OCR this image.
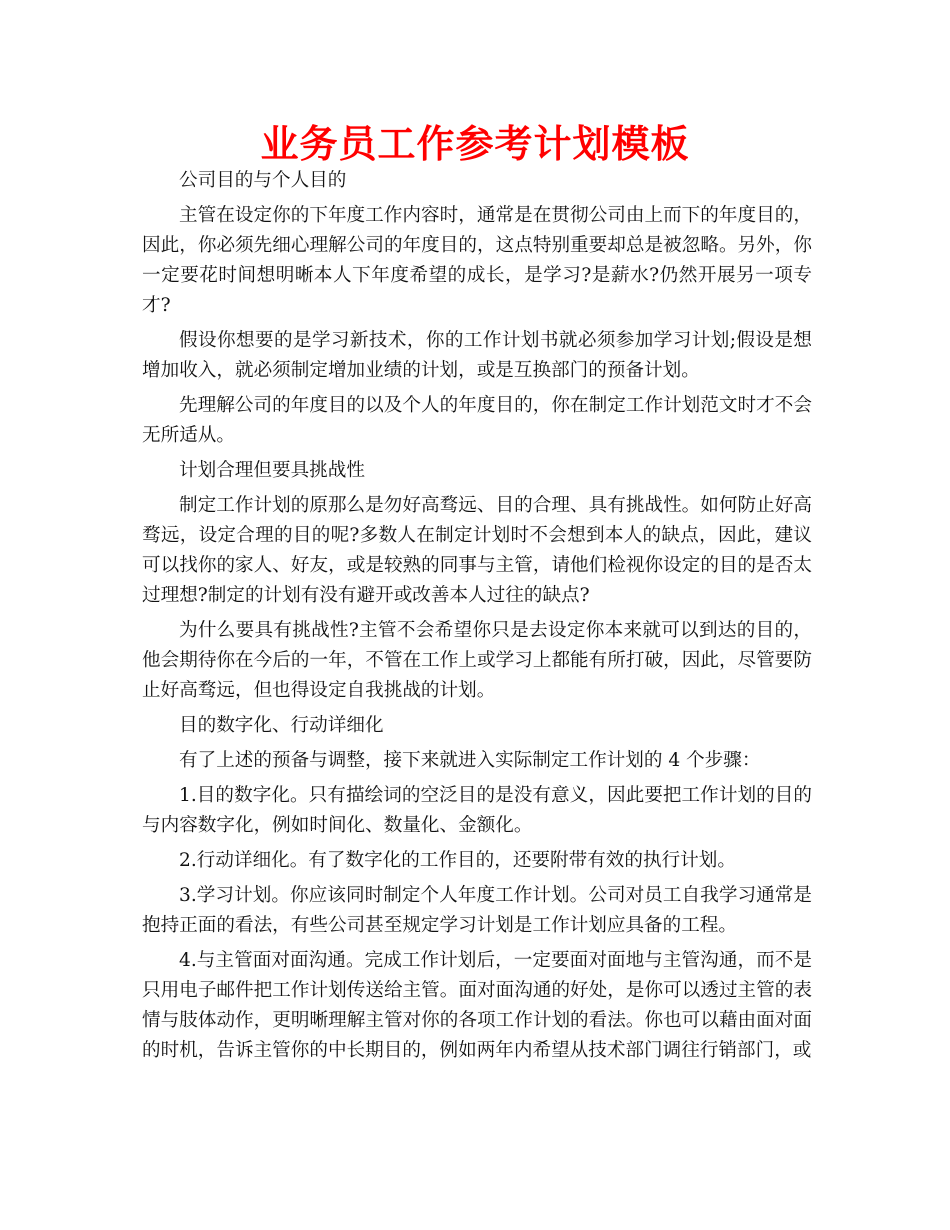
业务员工作参考计划模板

公司目的与个人目的

主管在设定你的下年度工作内容时，通常是在贯彻公司由上而下的年度目的，因此，你必须先细心理解公司的年度目的，这点特别重要却总是被忽略。另外，你一定要花时间想明晰本人下年度希望的成长，是学习?是薪水?仍然开展另一项专才?

假设你想要的是学习新技术，你的工作计划书就必须参加学习计划;假设是想增加收入，就必须制定增加业绩的计划，或是互换部门的预备计划。

先理解公司的年度目的以及个人的年度目的，你在制定工作计划范文时才不会无所适从。

计划合理但要具挑战性

制定工作计划的原那么是勿好高骛远、目的合理、具有挑战性。如何防止好高骛远，设定合理的目的呢?多数人在制定计划时不会想到本人的缺点，因此，建议可以找你的家人、好友，或是较熟的同事与主管，请他们检视你设定的目的是否太过理想?制定的计划有没有避开或改善本人过往的缺点?

为什么要具有挑战性?主管不会希望你只是去设定你本来就可以到达的目的，他会期待你在今后的一年，不管在工作上或学习上都能有所打破，因此，尽管要防止好高骛远，但也得设定自我挑战的计划。

目的数字化、行动详细化

有了上述的预备与调整，接下来就进入实际制定工作计划的 4 个步骤：

1.目的数字化。只有描绘词的空泛目的是没有意义，因此要把工作计划的目的与内容数字化，例如时间化、数量化、金额化。

2.行动详细化。有了数字化的工作目的，还要附带有效的执行计划。

3.学习计划。你应该同时制定个人年度工作计划。公司对员工自我学习通常是抱持正面的看法，有些公司甚至规定学习计划是工作计划应具备的工程。

4.与主管面对面沟通。完成工作计划后，一定要面对面地与主管沟通，而不是只用电子邮件把工作计划传送给主管。面对面沟通的好处，是你可以透过主管的表情与肢体动作，更明晰理解主管对你的各项工作计划的看法。你也可以藉由面对面的时机，告诉主管你的中长期目的，例如两年内希望从技术部门调往行销部门，或
